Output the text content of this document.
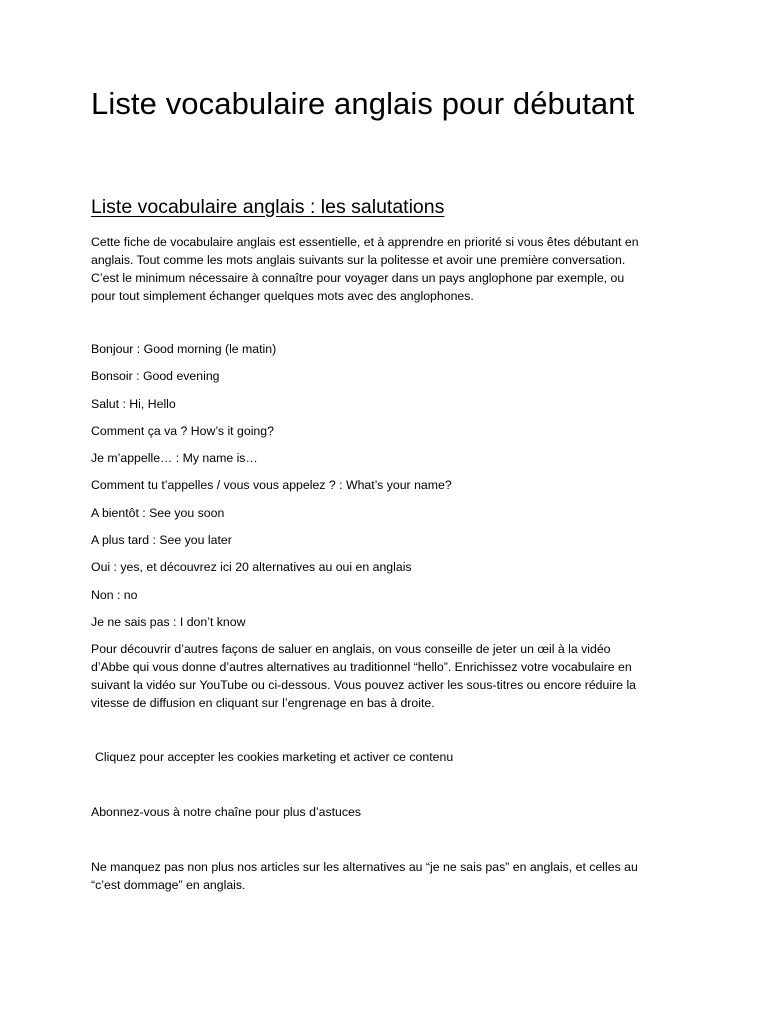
Liste vocabulaire anglais pour débutant
Liste vocabulaire anglais : les salutations

Cette fiche de vocabulaire anglais est essentielle, et à apprendre en priorité si vous êtes débutant en
anglais. Tout comme les mots anglais suivants sur la politesse et avoir une première conversation.
C’est le minimum nécessaire à connaître pour voyager dans un pays anglophone par exemple, ou
pour tout simplement échanger quelques mots avec des anglophones.

Bonjour : Good morning (le matin)
Bonsoir : Good evening
Salut : Hi, Hello
Comment ça va ? How’s it going?
Je m’appelle… : My name is…
Comment tu t’appelles / vous vous appelez ? : What’s your name?
A bientôt : See you soon
A plus tard : See you later
Oui : yes, et découvrez ici 20 alternatives au oui en anglais
Non : no
Je ne sais pas : I don’t know

Pour découvrir d’autres façons de saluer en anglais, on vous conseille de jeter un œil à la vidéo
d’Abbe qui vous donne d’autres alternatives au traditionnel “hello”. Enrichissez votre vocabulaire en
suivant la vidéo sur YouTube ou ci-dessous. Vous pouvez activer les sous-titres ou encore réduire la
vitesse de diffusion en cliquant sur l’engrenage en bas à droite.

Cliquez pour accepter les cookies marketing et activer ce contenu

Abonnez-vous à notre chaîne pour plus d’astuces

Ne manquez pas non plus nos articles sur les alternatives au “je ne sais pas” en anglais, et celles au
“c’est dommage” en anglais.
